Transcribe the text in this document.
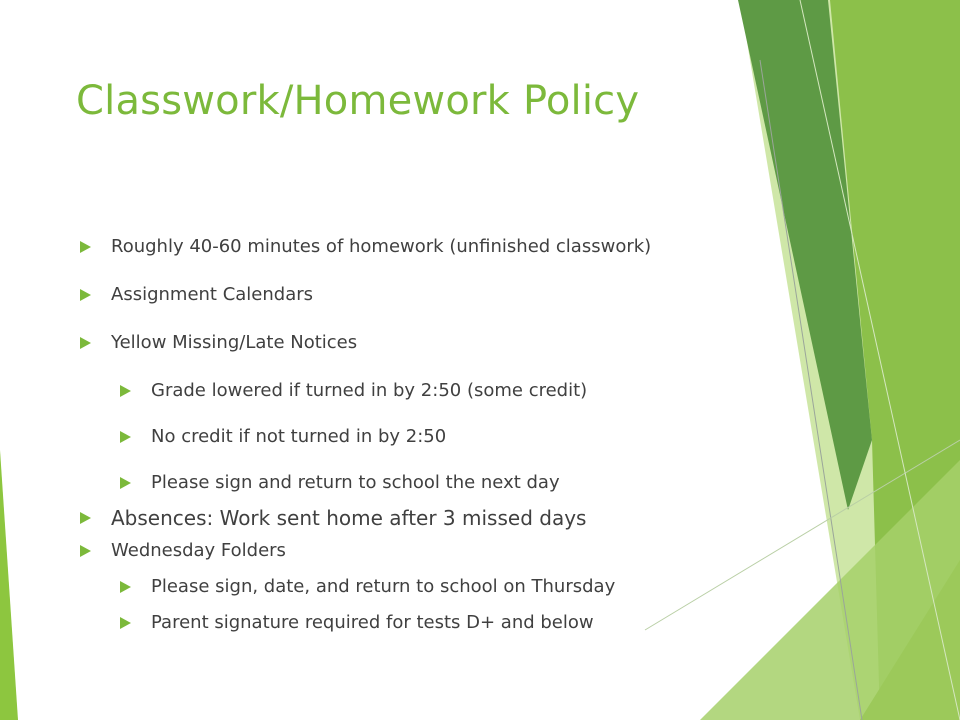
Classwork/Homework Policy
Roughly 40-60 minutes of homework (unfinished classwork)
Assignment Calendars
Yellow Missing/Late Notices
Grade lowered if turned in by 2:50 (some credit)
No credit if not turned in by 2:50
Please sign and return to school the next day
Absences: Work sent home after 3 missed days
Wednesday Folders
Please sign, date, and return to school on Thursday
Parent signature required for tests D+ and below
